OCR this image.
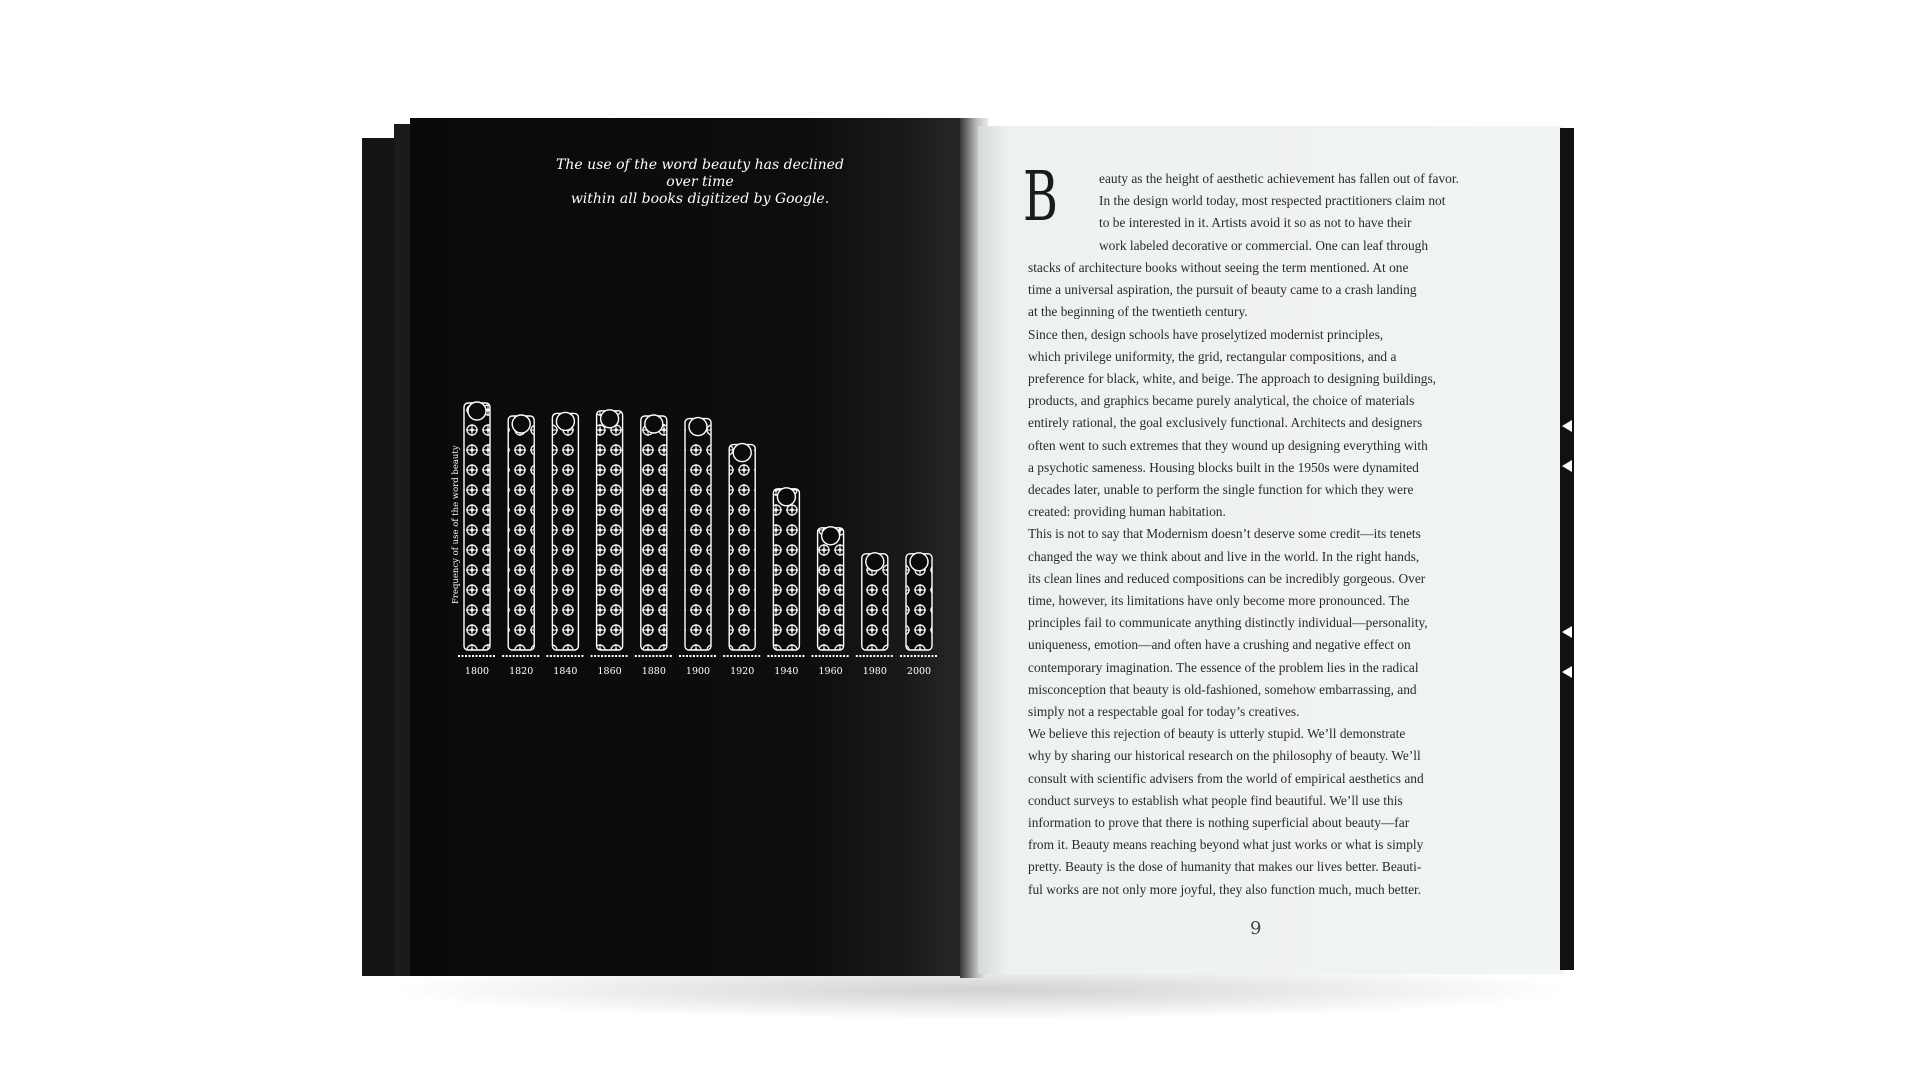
The use of the word beauty has declined over time
within all books digitized by Google.
Frequency of use of the word beauty
1800 1820 1840 1860 1880 1900 1920 1940 1960 1980 2000
B	eauty as the height of aesthetic achievement has fallen out of favor.

In the design world today, most respected practitioners claim not

to be interested in it. Artists avoid it so as not to have their

work labeled decorative or commercial. One can leaf through

stacks of architecture books without seeing the term mentioned. At one

time a universal aspiration, the pursuit of beauty came to a crash landing

at the beginning of the twentieth century.

Since then, design schools have proselytized modernist principles,

which privilege uniformity, the grid, rectangular compositions, and a

preference for black, white, and beige. The approach to designing buildings,

products, and graphics became purely analytical, the choice of materials

entirely rational, the goal exclusively functional. Architects and designers

often went to such extremes that they wound up designing everything with

a psychotic sameness. Housing blocks built in the 1950s were dynamited

decades later, unable to perform the single function for which they were

created: providing human habitation.

This is not to say that Modernism doesn’t deserve some credit—its tenets

changed the way we think about and live in the world. In the right hands,

its clean lines and reduced compositions can be incredibly gorgeous. Over

time, however, its limitations have only become more pronounced. The

principles fail to communicate anything distinctly individual—personality,

uniqueness, emotion—and often have a crushing and negative effect on

contemporary imagination. The essence of the problem lies in the radical

misconception that beauty is old-fashioned, somehow embarrassing, and

simply not a respectable goal for today’s creatives.

We believe this rejection of beauty is utterly stupid. We’ll demonstrate

why by sharing our historical research on the philosophy of beauty. We’ll

consult with scientific advisers from the world of empirical aesthetics and

conduct surveys to establish what people find beautiful. We’ll use this

information to prove that there is nothing superficial about beauty—far

from it. Beauty means reaching beyond what just works or what is simply

pretty. Beauty is the dose of humanity that makes our lives better. Beauti-

ful works are not only more joyful, they also function much, much better.

9
